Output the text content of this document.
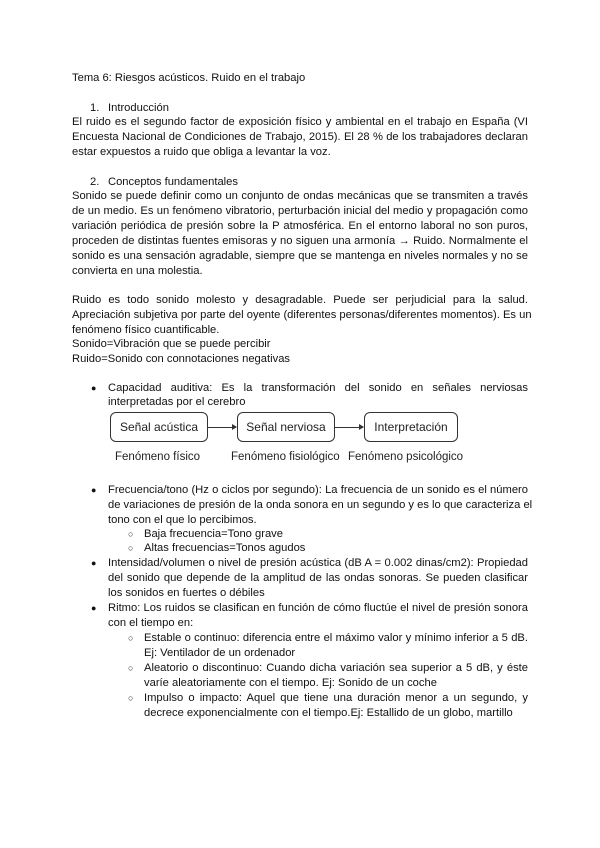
Tema 6: Riesgos acústicos. Ruido en el trabajo
1. Introducción
El ruido es el segundo factor de exposición físico y ambiental en el trabajo en España (VI
Encuesta Nacional de Condiciones de Trabajo, 2015). El 28 % de los trabajadores declaran
estar expuestos a ruido que obliga a levantar la voz.
2. Conceptos fundamentales
Sonido se puede definir como un conjunto de ondas mecánicas que se transmiten a través
de un medio. Es un fenómeno vibratorio, perturbación inicial del medio y propagación como
variación periódica de presión sobre la P atmosférica. En el entorno laboral no son puros,
proceden de distintas fuentes emisoras y no siguen una armonía → Ruido. Normalmente el
sonido es una sensación agradable, siempre que se mantenga en niveles normales y no se
convierta en una molestia.
Ruido es todo sonido molesto y desagradable. Puede ser perjudicial para la salud.
Apreciación subjetiva por parte del oyente (diferentes personas/diferentes momentos). Es un
fenómeno físico cuantificable.
Sonido=Vibración que se puede percibir
Ruido=Sonido con connotaciones negativas
● Capacidad auditiva: Es la transformación del sonido en señales nerviosas
interpretadas por el cerebro
Señal acústica	Señal nerviosa	Interpretación
Fenómeno físico	Fenómeno fisiológico Fenómeno psicológico
● Frecuencia/tono (Hz o ciclos por segundo): La frecuencia de un sonido es el número
de variaciones de presión de la onda sonora en un segundo y es lo que caracteriza el
tono con el que lo percibimos.
○ Baja frecuencia=Tono grave
○ Altas frecuencias=Tonos agudos
● Intensidad/volumen o nivel de presión acústica (dB A = 0.002 dinas/cm2): Propiedad
del sonido que depende de la amplitud de las ondas sonoras. Se pueden clasificar
los sonidos en fuertes o débiles
● Ritmo: Los ruidos se clasifican en función de cómo fluctúe el nivel de presión sonora
con el tiempo en:
○ Estable o continuo: diferencia entre el máximo valor y mínimo inferior a 5 dB.
Ej: Ventilador de un ordenador
○ Aleatorio o discontinuo: Cuando dicha variación sea superior a 5 dB, y éste
varíe aleatoriamente con el tiempo. Ej: Sonido de un coche
○ Impulso o impacto: Aquel que tiene una duración menor a un segundo, y
decrece exponencialmente con el tiempo.Ej: Estallido de un globo, martillo
